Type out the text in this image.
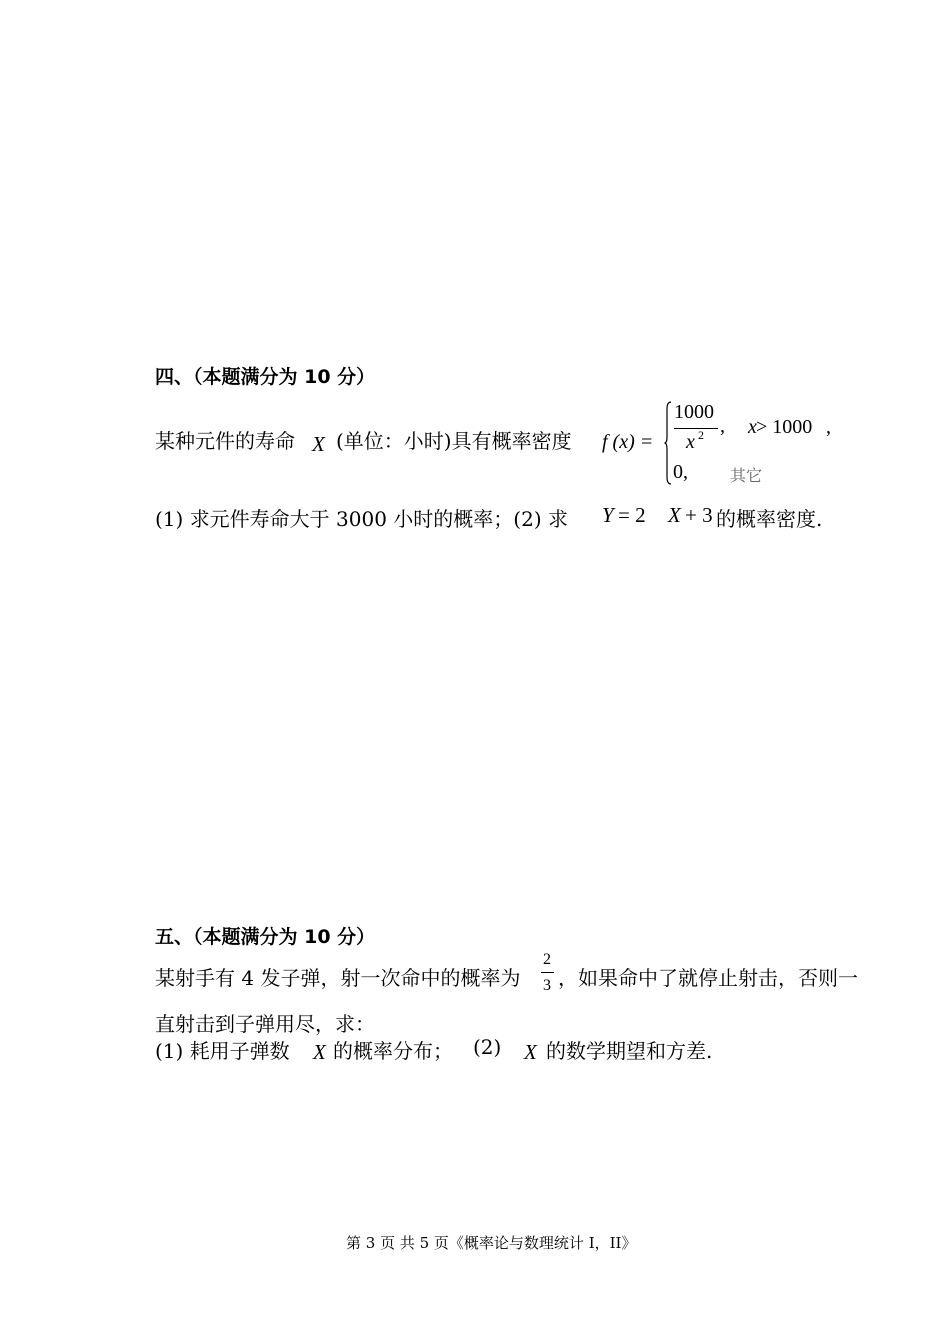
四、（本题满分为 10 分）
某种元件的寿命 X (单位：小时)具有概率密度 f (x) =
1000
x 2 , x > 1000 ,
0,	其它
(1) 求元件寿命大于 3000 小时的概率；(2) 求 Y = 2 X + 3 的概率密度.
五、（本题满分为 10 分）
某射手有 4 发子弹，射一次命中的概率为
2
3 ，如果命中了就停止射击，否则一
直射击到子弹用尽，求：
(1) 耗用子弹数 X 的概率分布； (2) X 的数学期望和方差.
第 3 页 共 5 页《概率论与数理统计 I，II》
